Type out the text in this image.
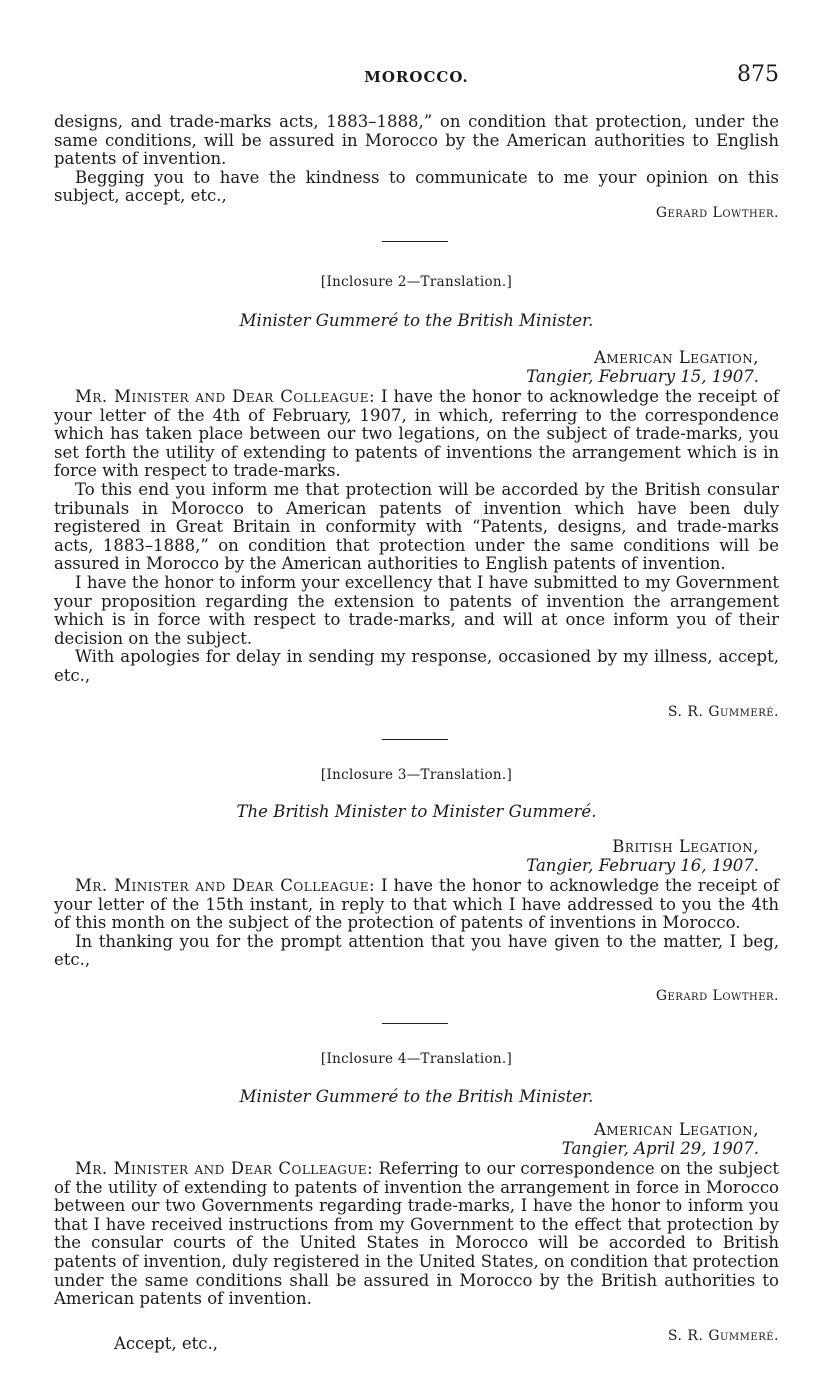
MOROCCO.	875

designs, and trade-marks acts, 1883–1888,” on condition that protection, under the same conditions, will be assured in Morocco by the American authorities to English patents of invention.

Begging you to have the kindness to communicate to me your opinion on this subject, accept, etc.,

Gerard Lowther.
[Inclosure 2—Translation.]
Minister Gummeré to the British Minister.
American Legation,
Tangier, February 15, 1907.

Mr. Minister and Dear Colleague: I have the honor to acknowledge the receipt of your letter of the 4th of February, 1907, in which, referring to the correspondence which has taken place between our two legations, on the subject of trade-marks, you set forth the utility of extending to patents of inventions the arrangement which is in force with respect to trade-marks.

To this end you inform me that protection will be accorded by the British consular tribunals in Morocco to American patents of invention which have been duly registered in Great Britain in conformity with “Patents, designs, and trade-marks acts, 1883–1888,” on condition that protection under the same conditions will be assured in Morocco by the American authorities to English patents of invention.

I have the honor to inform your excellency that I have submitted to my Government your proposition regarding the extension to patents of invention the arrangement which is in force with respect to trade-marks, and will at once inform you of their decision on the subject.

With apologies for delay in sending my response, occasioned by my illness, accept, etc.,

S. R. Gummeré.
[Inclosure 3—Translation.]
The British Minister to Minister Gummeré.
British Legation,
Tangier, February 16, 1907.

Mr. Minister and Dear Colleague: I have the honor to acknowledge the receipt of your letter of the 15th instant, in reply to that which I have addressed to you the 4th of this month on the subject of the protection of patents of inventions in Morocco.

In thanking you for the prompt attention that you have given to the matter, I beg, etc.,

Gerard Lowther.
[Inclosure 4—Translation.]
Minister Gummeré to the British Minister.
American Legation,
Tangier, April 29, 1907.

Mr. Minister and Dear Colleague: Referring to our correspondence on the subject of the utility of extending to patents of invention the arrangement in force in Morocco between our two Governments regarding trade-marks, I have the honor to inform you that I have received instructions from my Government to the effect that protection by the consular courts of the United States in Morocco will be accorded to British patents of invention, duly registered in the United States, on condition that protection under the same conditions shall be assured in Morocco by the British authorities to American patents of invention.

Accept, etc.,	S. R. Gummeré.
